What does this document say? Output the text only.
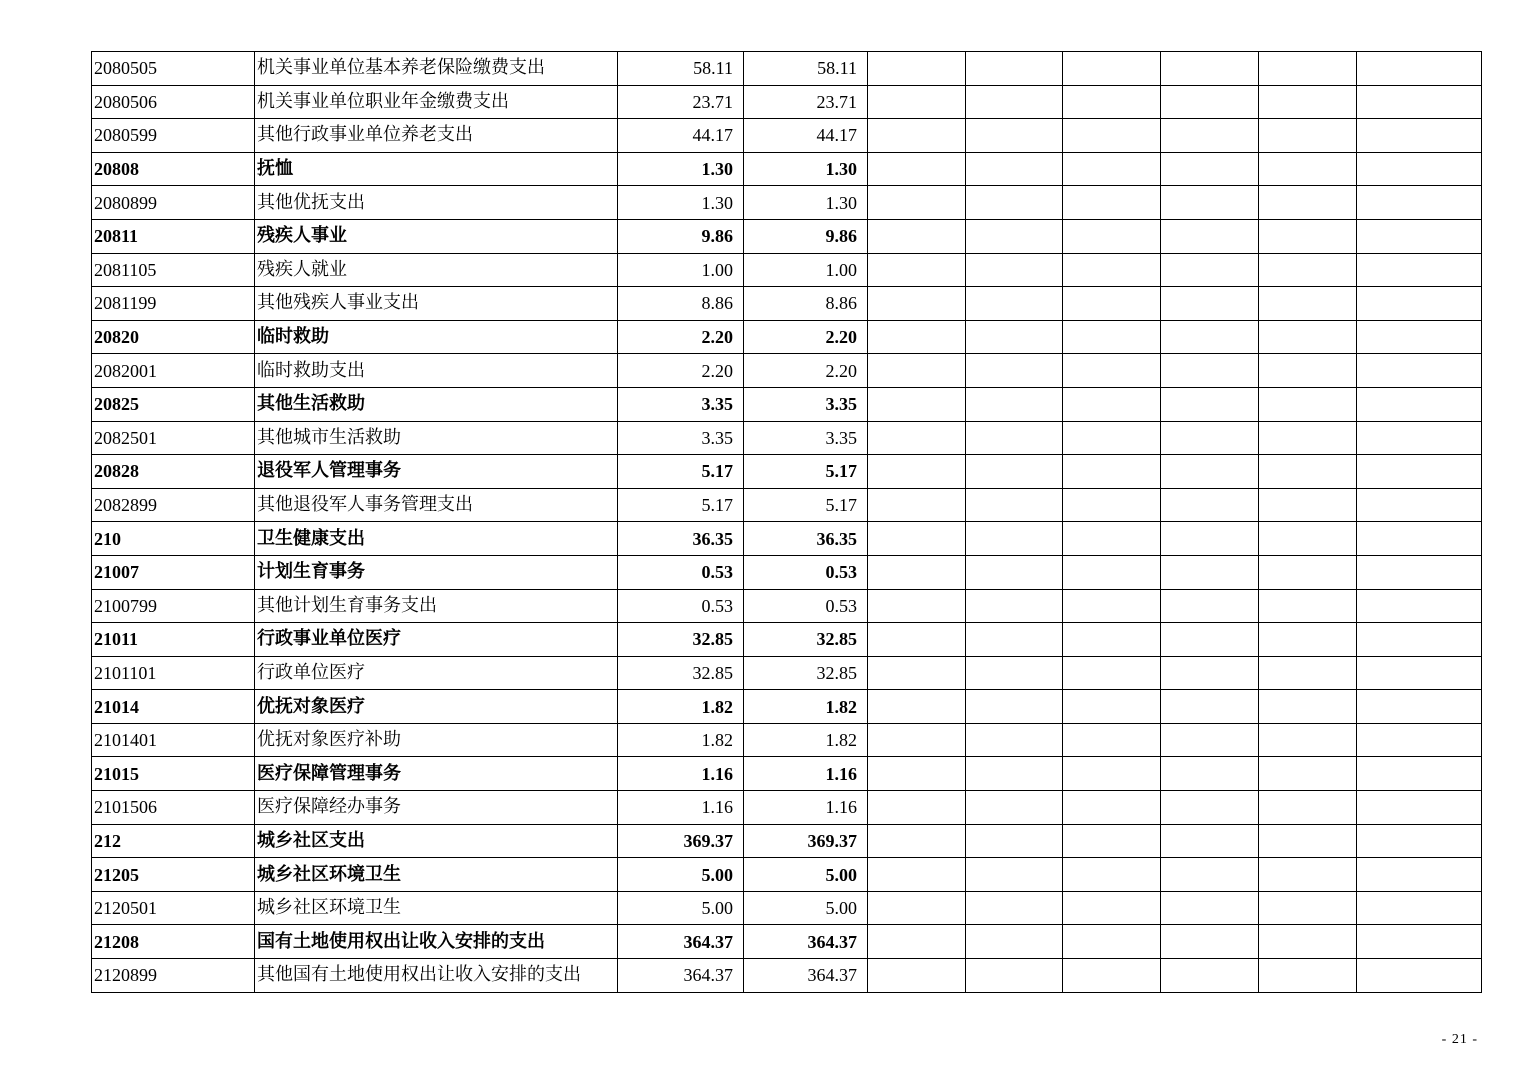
2080505	机关事业单位基本养老保险缴费支出	58.11	58.11						
2080506	机关事业单位职业年金缴费支出	23.71	23.71						
2080599	其他行政事业单位养老支出	44.17	44.17						
20808	抚恤	1.30	1.30						
2080899	其他优抚支出	1.30	1.30						
20811	残疾人事业	9.86	9.86						
2081105	残疾人就业	1.00	1.00						
2081199	其他残疾人事业支出	8.86	8.86						
20820	临时救助	2.20	2.20						
2082001	临时救助支出	2.20	2.20						
20825	其他生活救助	3.35	3.35						
2082501	其他城市生活救助	3.35	3.35						
20828	退役军人管理事务	5.17	5.17						
2082899	其他退役军人事务管理支出	5.17	5.17						
210	卫生健康支出	36.35	36.35						
21007	计划生育事务	0.53	0.53						
2100799	其他计划生育事务支出	0.53	0.53						
21011	行政事业单位医疗	32.85	32.85						
2101101	行政单位医疗	32.85	32.85						
21014	优抚对象医疗	1.82	1.82						
2101401	优抚对象医疗补助	1.82	1.82						
21015	医疗保障管理事务	1.16	1.16						
2101506	医疗保障经办事务	1.16	1.16						
212	城乡社区支出	369.37	369.37						
21205	城乡社区环境卫生	5.00	5.00						
2120501	城乡社区环境卫生	5.00	5.00						
21208	国有土地使用权出让收入安排的支出	364.37	364.37						
2120899	其他国有土地使用权出让收入安排的支出	364.37	364.37						
- 21 -
